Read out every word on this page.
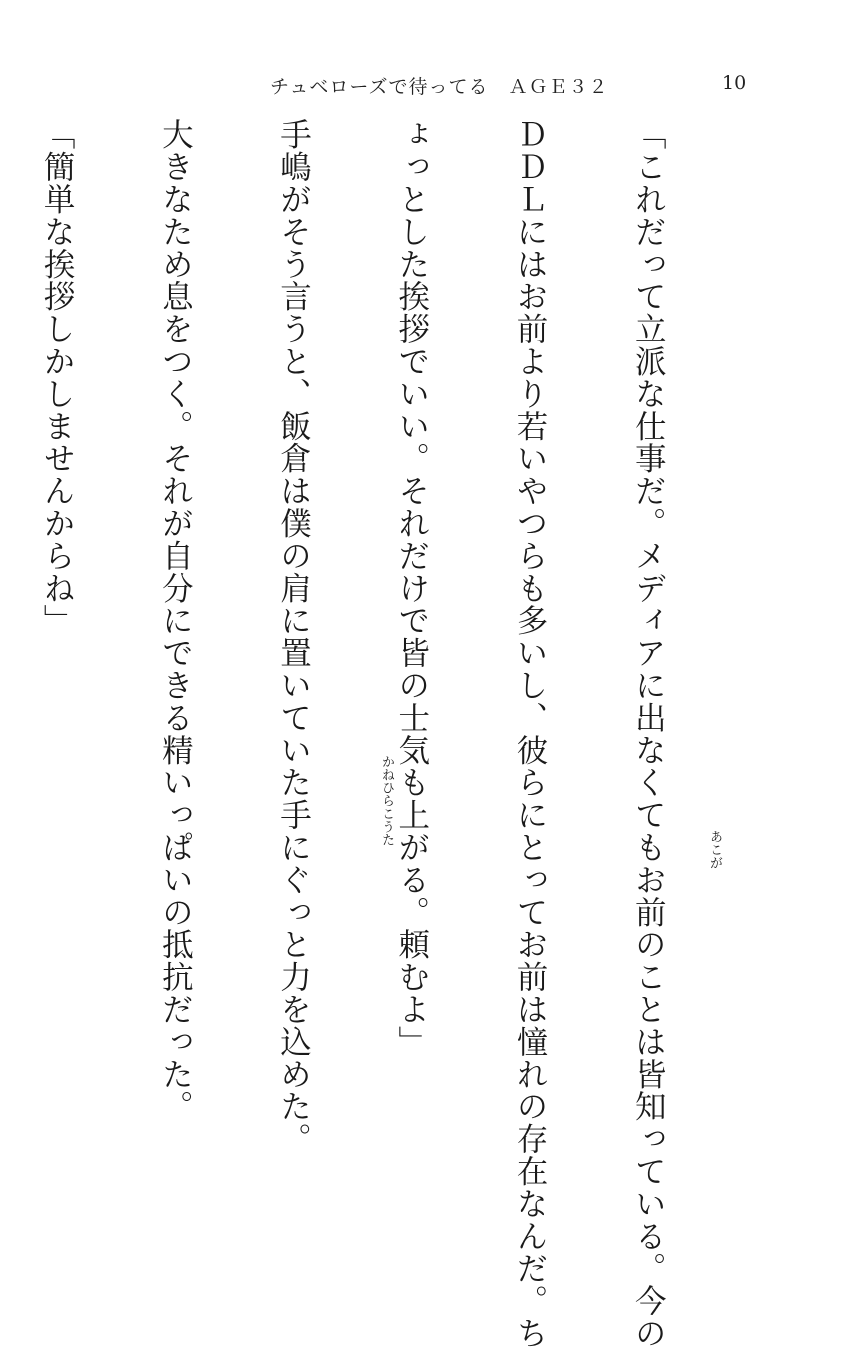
チュベローズで待ってる　ＡＧＥ３２	10

「これだって立派な仕事だ。メディアに出なくてもお前のことは皆知っている。今の

ＤＤＬにはお前より若いやつらも多いし、彼らにとってお前は憧れの存在なんだ。ち

ょっとした挨拶でいい。それだけで皆の士気も上がる。頼むよ」

手嶋がそう言うと、飯倉は僕の肩に置いていた手にぐっと力を込めた。

大きなため息をつく。それが自分にできる精いっぱいの抵抗だった。

「簡単な挨拶しかしませんからね」

あこが
かねひらこうた
